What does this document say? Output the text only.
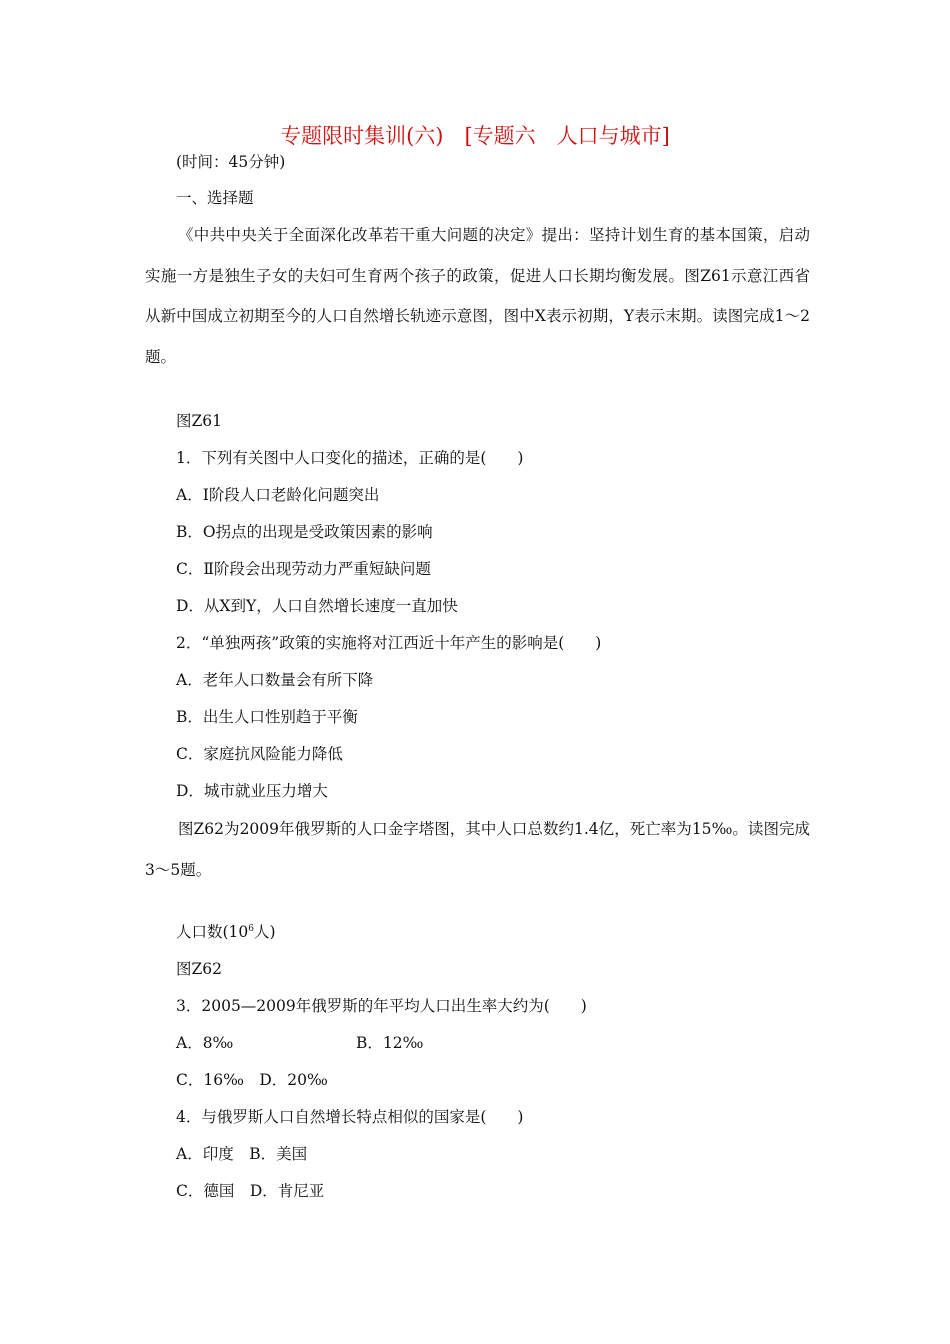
专题限时集训(六)　[专题六　人口与城市]
(时间：45分钟)
一、选择题
《中共中央关于全面深化改革若干重大问题的决定》提出：坚持计划生育的基本国策，启动实施一方是独生子女的夫妇可生育两个孩子的政策，促进人口长期均衡发展。图Z61示意江西省从新中国成立初期至今的人口自然增长轨迹示意图，图中X表示初期，Y表示末期。读图完成1～2题。
图Z61
1．下列有关图中人口变化的描述，正确的是(　　)
A．Ⅰ阶段人口老龄化问题突出
B．O拐点的出现是受政策因素的影响
C．Ⅱ阶段会出现劳动力严重短缺问题
D．从X到Y，人口自然增长速度一直加快
2．“单独两孩”政策的实施将对江西近十年产生的影响是(　　)
A．老年人口数量会有所下降
B．出生人口性别趋于平衡
C．家庭抗风险能力降低
D．城市就业压力增大
图Z62为2009年俄罗斯的人口金字塔图，其中人口总数约1.4亿，死亡率为15‰。读图完成3～5题。
人口数($10^6$人)
图Z62
3．2005—2009年俄罗斯的年平均人口出生率大约为(　　)
A．8‰	B．12‰
C．16‰　D．20‰
4．与俄罗斯人口自然增长特点相似的国家是(　　)
A．印度　B．美国
C．德国　D．肯尼亚
